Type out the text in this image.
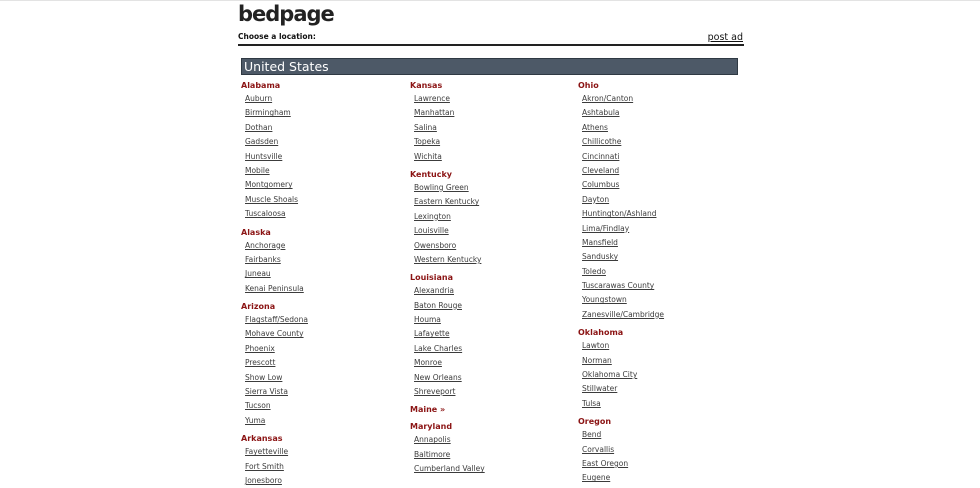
bedpage
Choose a location:	post ad
United States
Alabama
Auburn
Birmingham
Dothan
Gadsden
Huntsville
Mobile
Montgomery
Muscle Shoals
Tuscaloosa
Alaska
Anchorage
Fairbanks
Juneau
Kenai Peninsula
Arizona
Flagstaff/Sedona
Mohave County
Phoenix
Prescott
Show Low
Sierra Vista
Tucson
Yuma
Arkansas
Fayetteville
Fort Smith
Jonesboro
Kansas
Lawrence
Manhattan
Salina
Topeka
Wichita
Kentucky
Bowling Green
Eastern Kentucky
Lexington
Louisville
Owensboro
Western Kentucky
Louisiana
Alexandria
Baton Rouge
Houma
Lafayette
Lake Charles
Monroe
New Orleans
Shreveport
Maine »
Maryland
Annapolis
Baltimore
Cumberland Valley
Ohio
Akron/Canton
Ashtabula
Athens
Chillicothe
Cincinnati
Cleveland
Columbus
Dayton
Huntington/Ashland
Lima/Findlay
Mansfield
Sandusky
Toledo
Tuscarawas County
Youngstown
Zanesville/Cambridge
Oklahoma
Lawton
Norman
Oklahoma City
Stillwater
Tulsa
Oregon
Bend
Corvallis
East Oregon
Eugene
